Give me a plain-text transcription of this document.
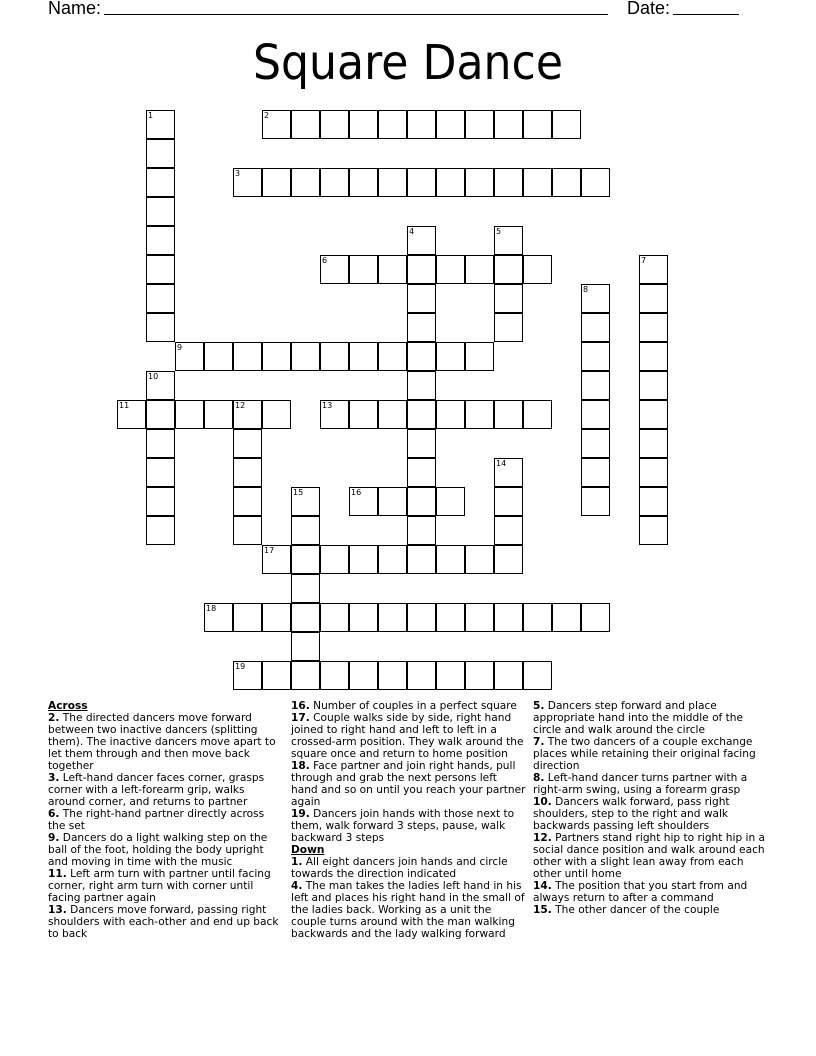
Name:	Date:
Square Dance
1	2
3
4	5
6	7
8
9
10
11	12	13
14
15	16
17
18
19
Across
2. The directed dancers move forward between two inactive dancers (splitting them). The inactive dancers move apart to let them through and then move back together
3. Left-hand dancer faces corner, grasps corner with a left-forearm grip, walks around corner, and returns to partner
6. The right-hand partner directly across the set
9. Dancers do a light walking step on the ball of the foot, holding the body upright and moving in time with the music
11. Left arm turn with partner until facing corner, right arm turn with corner until facing partner again
13. Dancers move forward, passing right shoulders with each-other and end up back to back
16. Number of couples in a perfect square
17. Couple walks side by side, right hand joined to right hand and left to left in a crossed-arm position. They walk around the square once and return to home position
18. Face partner and join right hands, pull through and grab the next persons left hand and so on until you reach your partner again
19. Dancers join hands with those next to them, walk forward 3 steps, pause, walk backward 3 steps
Down
1. All eight dancers join hands and circle towards the direction indicated
4. The man takes the ladies left hand in his left and places his right hand in the small of the ladies back. Working as a unit the couple turns around with the man walking backwards and the lady walking forward
5. Dancers step forward and place appropriate hand into the middle of the circle and walk around the circle
7. The two dancers of a couple exchange places while retaining their original facing direction
8. Left-hand dancer turns partner with a right-arm swing, using a forearm grasp
10. Dancers walk forward, pass right shoulders, step to the right and walk backwards passing left shoulders
12. Partners stand right hip to right hip in a social dance position and walk around each other with a slight lean away from each other until home
14. The position that you start from and always return to after a command
15. The other dancer of the couple
